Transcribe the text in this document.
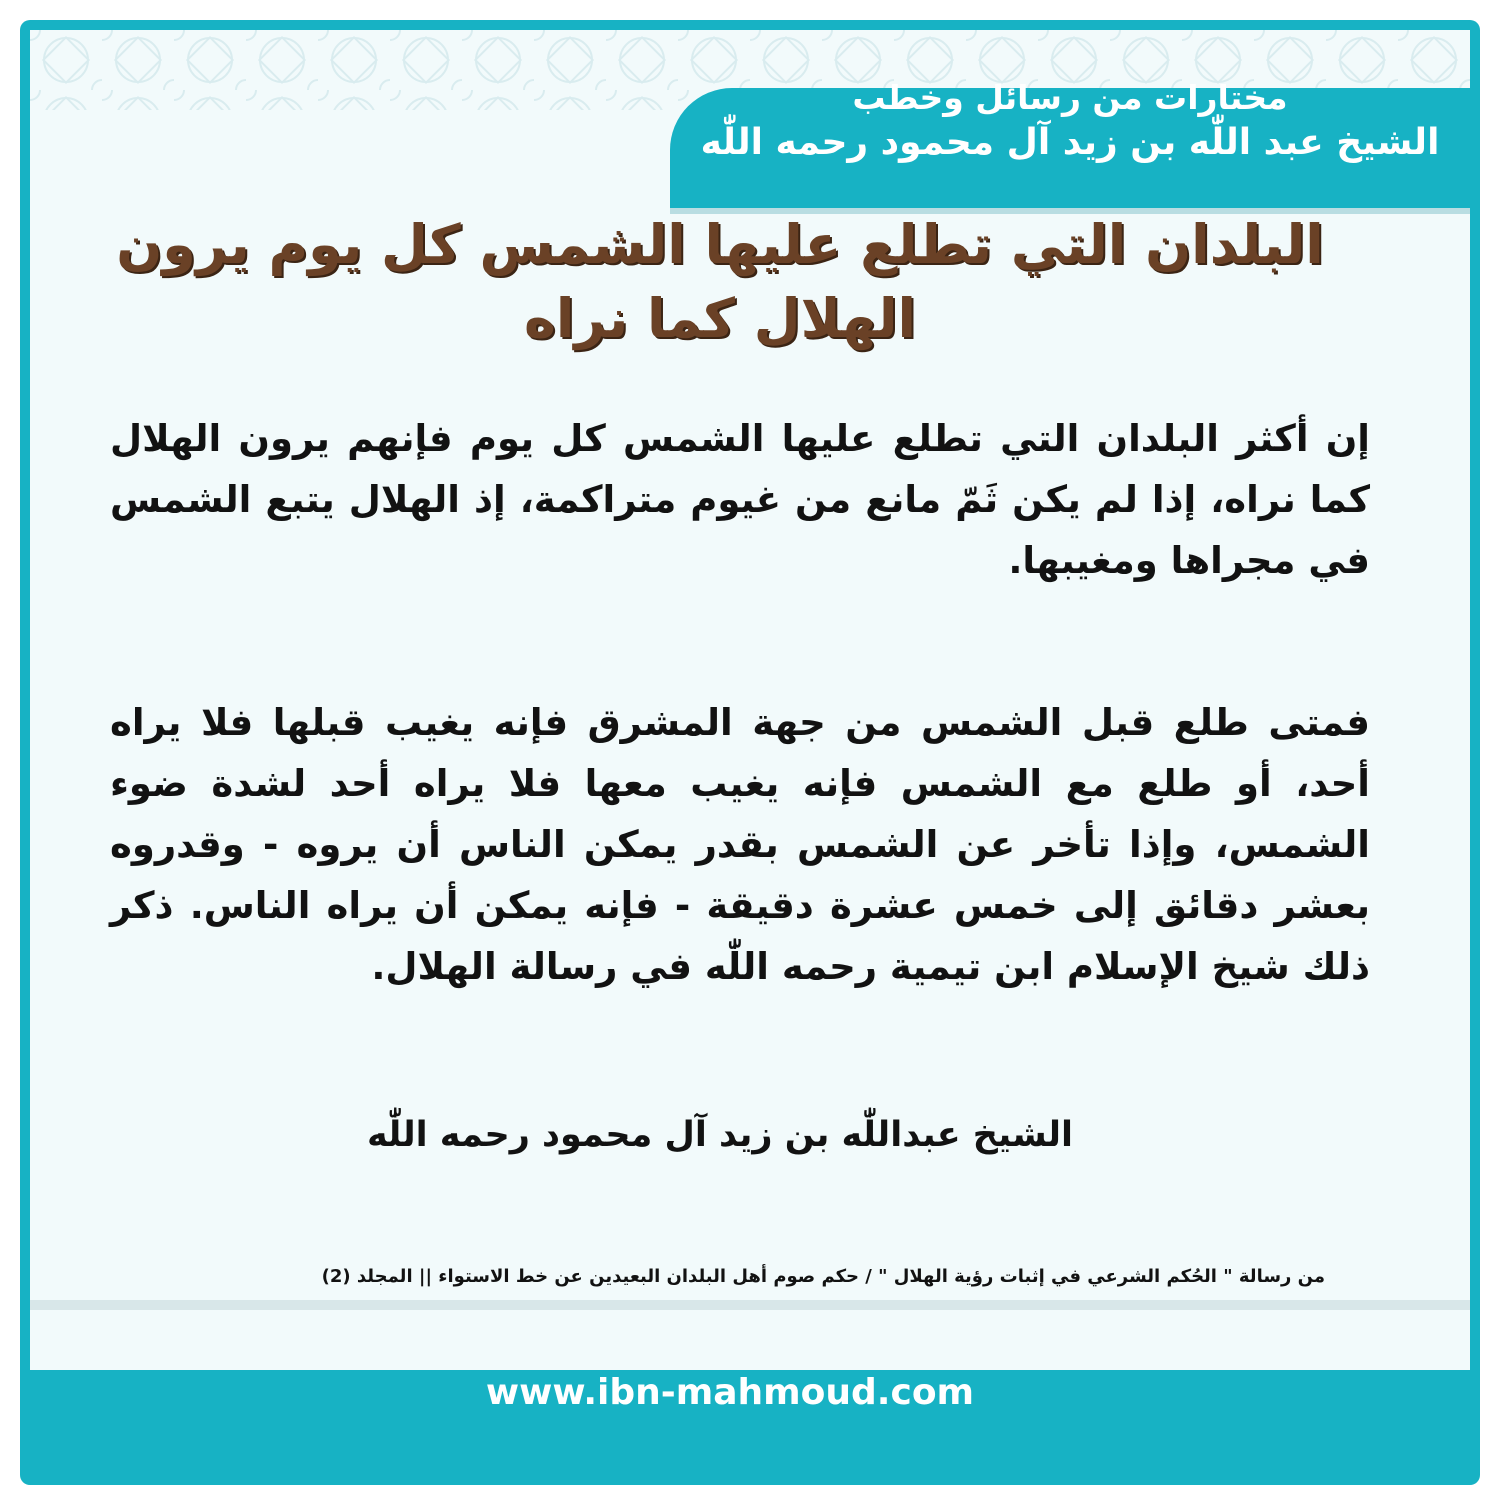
مختارات من رسائل وخطب
الشيخ عبد اللّٰه بن زيد آل محمود رحمه اللّٰه
البلدان التي تطلع عليها الشمس كل يوم يرون الهلال كما نراه
إن أكثر البلدان التي تطلع عليها الشمس كل يوم فإنهم يرون الهلال كما نراه، إذا لم يكن ثَمّ مانع من غيوم متراكمة، إذ الهلال يتبع الشمس في مجراها ومغيبها.
فمتى طلع قبل الشمس من جهة المشرق فإنه يغيب قبلها فلا يراه أحد، أو طلع مع الشمس فإنه يغيب معها فلا يراه أحد لشدة ضوء الشمس، وإذا تأخر عن الشمس بقدر يمكن الناس أن يروه - وقدروه بعشر دقائق إلى خمس عشرة دقيقة - فإنه يمكن أن يراه الناس. ذكر ذلك شيخ الإسلام ابن تيمية رحمه اللّٰه في رسالة الهلال.
الشيخ عبداللّٰه بن زيد آل محمود رحمه اللّٰه
من رسالة " الحُكم الشرعي في إثبات رؤية الهلال " / حكم صوم أهل البلدان البعيدين عن خط الاستواء || المجلد (2)
www.ibn-mahmoud.com
